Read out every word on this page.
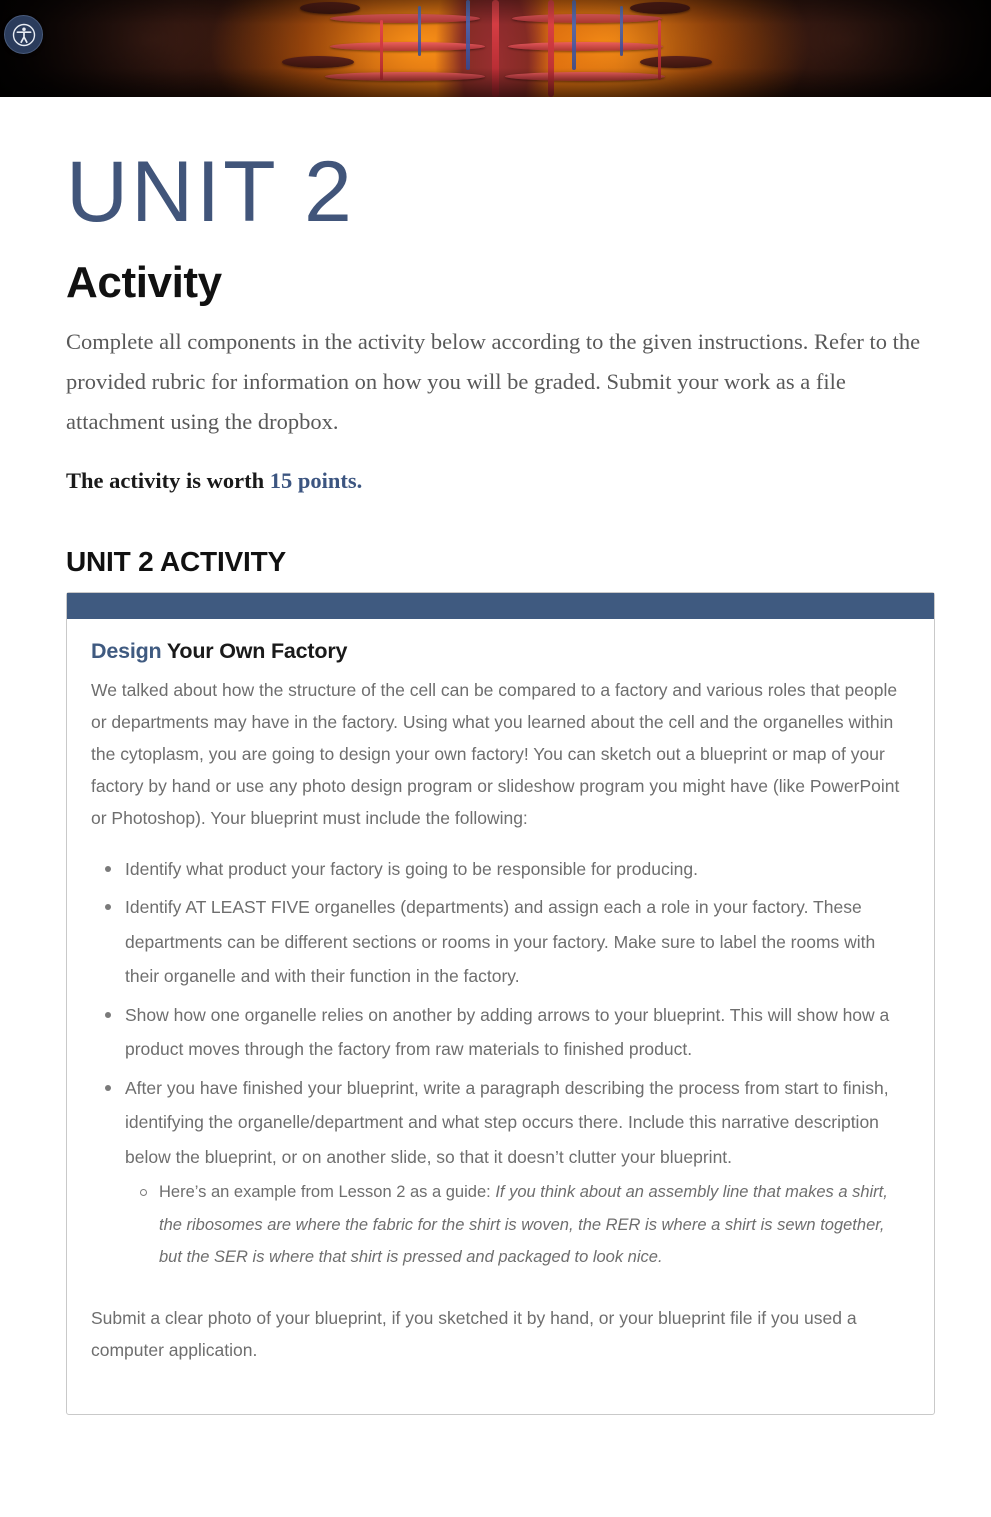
UNIT 2
Activity

Complete all components in the activity below according to the given instructions. Refer to the provided rubric for information on how you will be graded. Submit your work as a file attachment using the dropbox.

The activity is worth 15 points.

UNIT 2 ACTIVITY

Design Your Own Factory

We talked about how the structure of the cell can be compared to a factory and various roles that people or departments may have in the factory. Using what you learned about the cell and the organelles within the cytoplasm, you are going to design your own factory! You can sketch out a blueprint or map of your factory by hand or use any photo design program or slideshow program you might have (like PowerPoint or Photoshop). Your blueprint must include the following:

Identify what product your factory is going to be responsible for producing.
Identify AT LEAST FIVE organelles (departments) and assign each a role in your factory. These departments can be different sections or rooms in your factory. Make sure to label the rooms with their organelle and with their function in the factory.
Show how one organelle relies on another by adding arrows to your blueprint. This will show how a product moves through the factory from raw materials to finished product.
After you have finished your blueprint, write a paragraph describing the process from start to finish, identifying the organelle/department and what step occurs there. Include this narrative description below the blueprint, or on another slide, so that it doesn’t clutter your blueprint.
Here’s an example from Lesson 2 as a guide: If you think about an assembly line that makes a shirt, the ribosomes are where the fabric for the shirt is woven, the RER is where a shirt is sewn together, but the SER is where that shirt is pressed and packaged to look nice.

Submit a clear photo of your blueprint, if you sketched it by hand, or your blueprint file if you used a computer application.
